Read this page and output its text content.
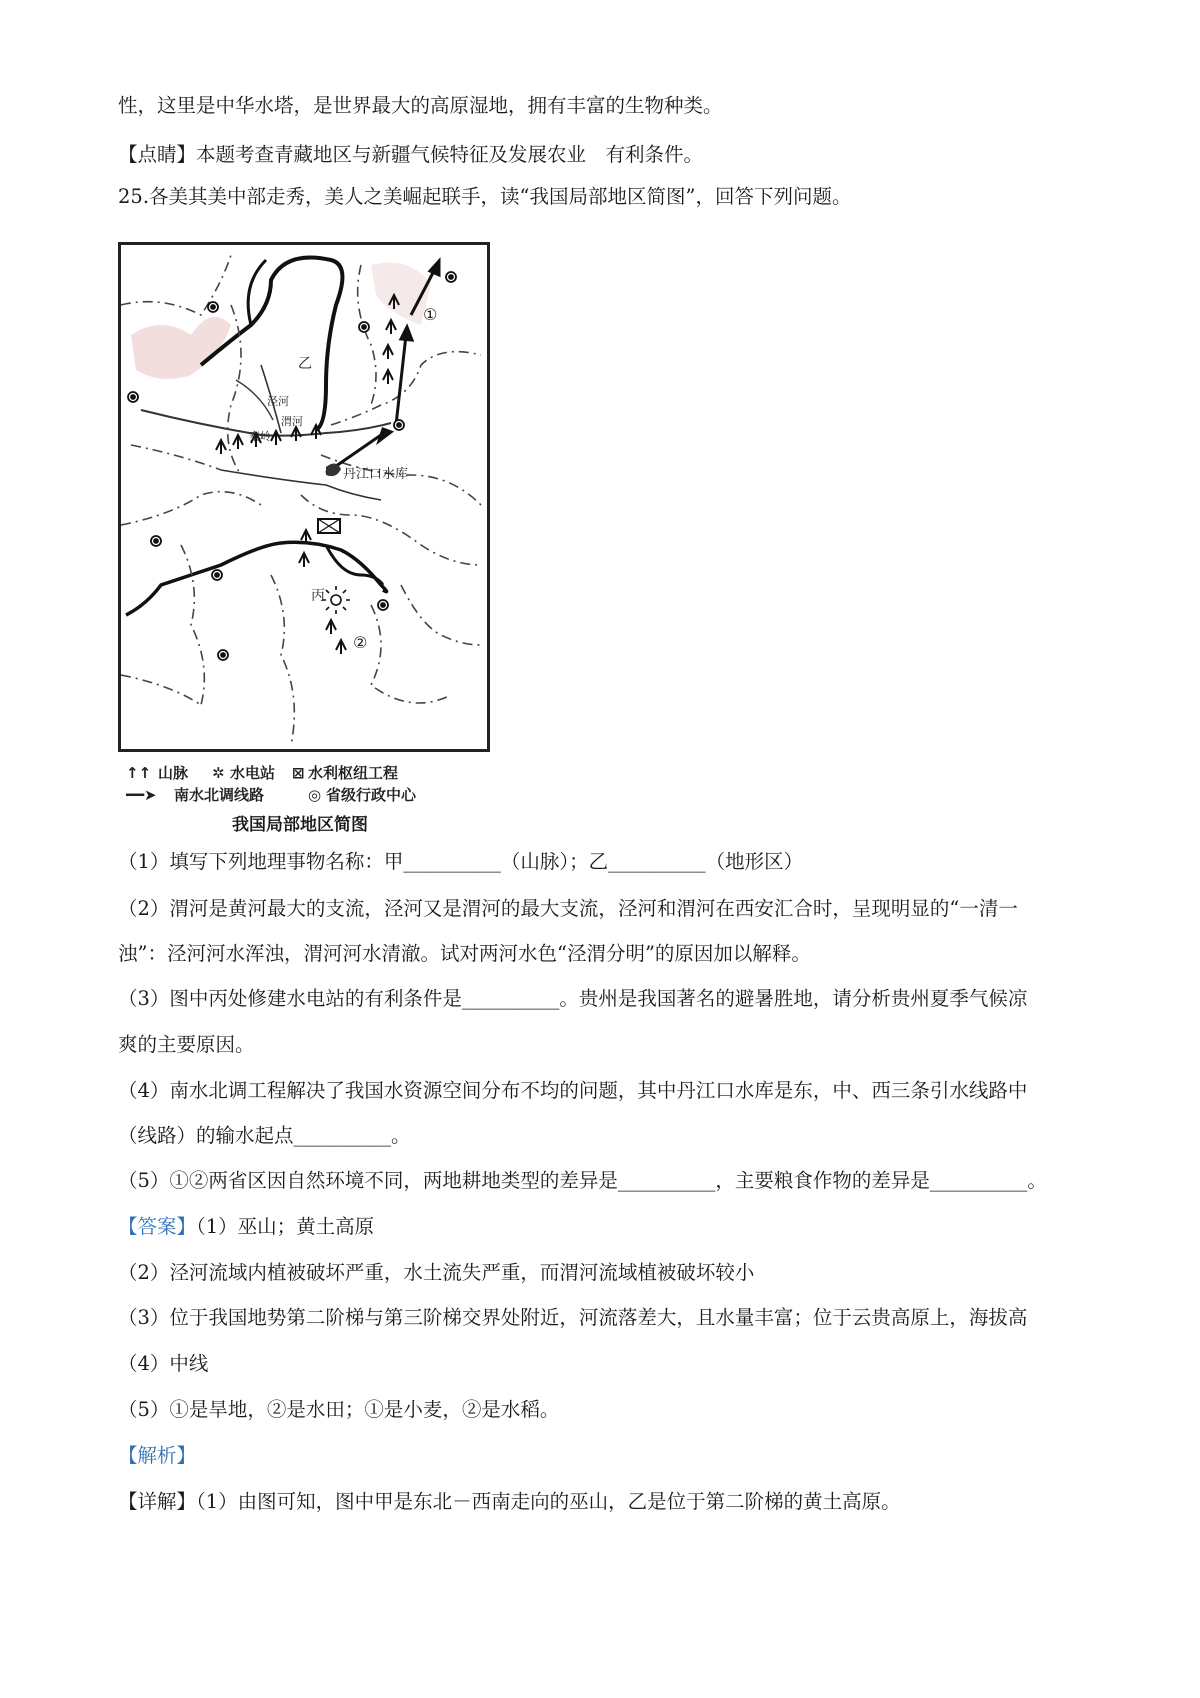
性，这里是中华水塔，是世界最大的高原湿地，拥有丰富的生物种类。
【点睛】本题考查青藏地区与新疆气候特征及发展农业　有利条件。
25.各美其美中部走秀，美人之美崛起联手，读“我国局部地区简图”，回答下列问题。
乙
泾河
渭河
秦岭
丹江口水库
丙
①
②
↑↑ 山脉 ✲ 水电站 ⊠ 水利枢纽工程
━━➤ 南水北调线路	◎ 省级行政中心
我国局部地区简图
（1）填写下列地理事物名称：甲__________（山脉）；乙__________（地形区）
（2）渭河是黄河最大的支流，泾河又是渭河的最大支流，泾河和渭河在西安汇合时，呈现明显的“一清一
浊”：泾河河水浑浊，渭河河水清澈。试对两河水色“泾渭分明”的原因加以解释。
（3）图中丙处修建水电站的有利条件是__________。贵州是我国著名的避暑胜地，请分析贵州夏季气候凉
爽的主要原因。
（4）南水北调工程解决了我国水资源空间分布不均的问题，其中丹江口水库是东，中、西三条引水线路中
（线路）的输水起点__________。
（5）①②两省区因自然环境不同，两地耕地类型的差异是__________，主要粮食作物的差异是__________。
【答案】（1）巫山；黄土高原
（2）泾河流域内植被破坏严重，水土流失严重，而渭河流域植被破坏较小
（3）位于我国地势第二阶梯与第三阶梯交界处附近，河流落差大，且水量丰富；位于云贵高原上，海拔高
（4）中线
（5）①是旱地，②是水田；①是小麦，②是水稻。
【解析】
【详解】（1）由图可知，图中甲是东北－西南走向的巫山，乙是位于第二阶梯的黄土高原。
